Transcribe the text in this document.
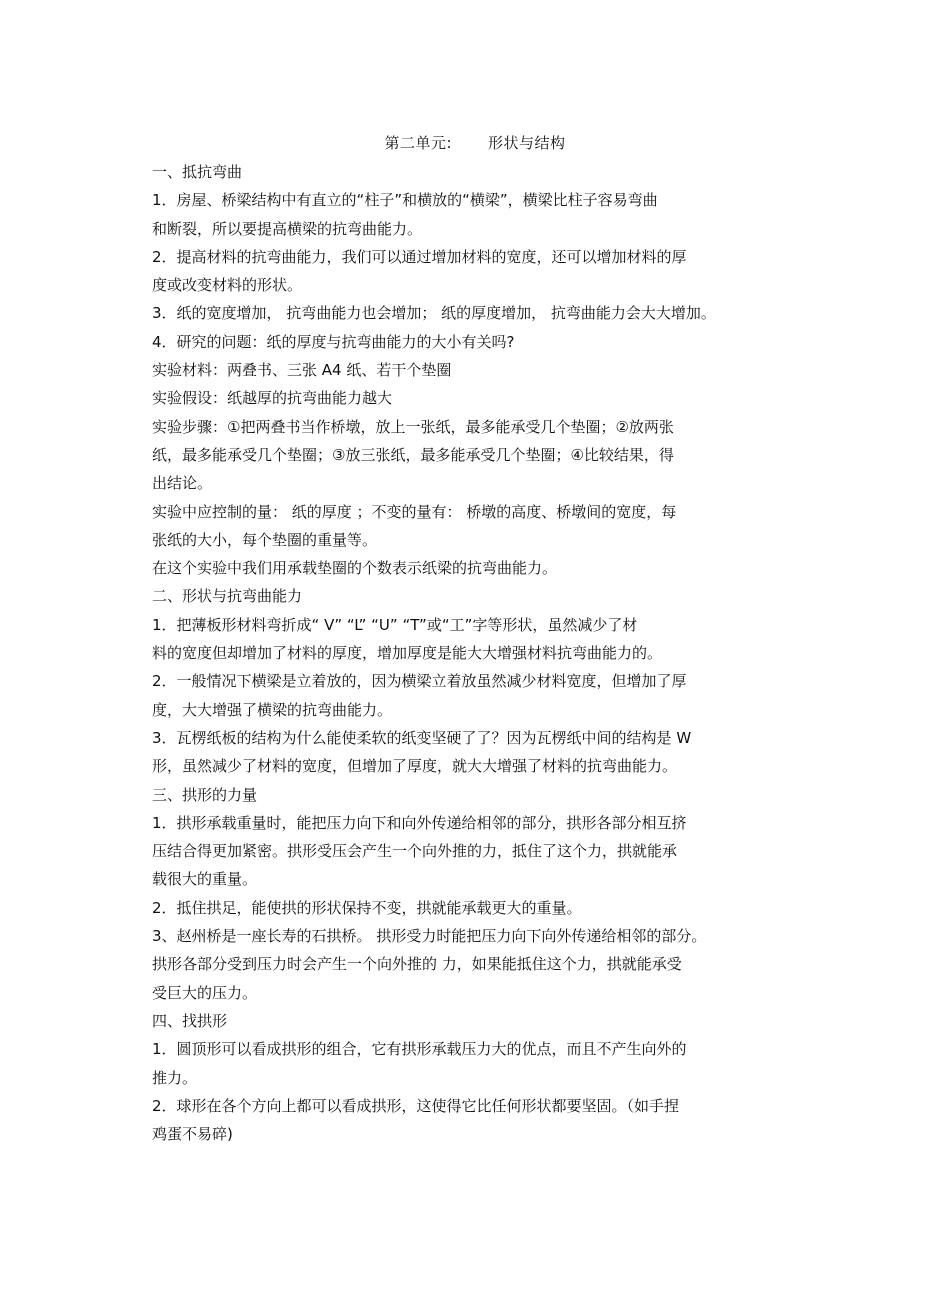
第二单元: 形状与结构
一、抵抗弯曲
1．房屋、桥梁结构中有直立的“柱子”和横放的“横梁”，横梁比柱子容易弯曲
和断裂，所以要提高横梁的抗弯曲能力。
2．提高材料的抗弯曲能力，我们可以通过增加材料的宽度，还可以增加材料的厚
度或改变材料的形状。
3．纸的宽度增加， 抗弯曲能力也会增加； 纸的厚度增加， 抗弯曲能力会大大增加。
4．研究的问题：纸的厚度与抗弯曲能力的大小有关吗?
实验材料：两叠书、三张 A4 纸、若干个垫圈
实验假设：纸越厚的抗弯曲能力越大
实验步骤：①把两叠书当作桥墩，放上一张纸，最多能承受几个垫圈；②放两张
纸，最多能承受几个垫圈；③放三张纸，最多能承受几个垫圈；④比较结果，得
出结论。
实验中应控制的量： 纸的厚度 ；不变的量有： 桥墩的高度、桥墩间的宽度，每
张纸的大小，每个垫圈的重量等。
在这个实验中我们用承载垫圈的个数表示纸梁的抗弯曲能力。
二、形状与抗弯曲能力
1．把薄板形材料弯折成“ V” “L” “U” “T”或“工”字等形状，虽然减少了材
料的宽度但却增加了材料的厚度，增加厚度是能大大增强材料抗弯曲能力的。
2．一般情况下横梁是立着放的，因为横梁立着放虽然减少材料宽度，但增加了厚
度，大大增强了横梁的抗弯曲能力。
3．瓦楞纸板的结构为什么能使柔软的纸变坚硬了了？因为瓦楞纸中间的结构是 W
形，虽然减少了材料的宽度，但增加了厚度，就大大增强了材料的抗弯曲能力。
三、拱形的力量
1．拱形承载重量时，能把压力向下和向外传递给相邻的部分，拱形各部分相互挤
压结合得更加紧密。拱形受压会产生一个向外推的力，抵住了这个力，拱就能承
载很大的重量。
2．抵住拱足，能使拱的形状保持不变，拱就能承载更大的重量。
3、赵州桥是一座长寿的石拱桥。 拱形受力时能把压力向下向外传递给相邻的部分。
拱形各部分受到压力时会产生一个向外推的 力，如果能抵住这个力，拱就能承受
受巨大的压力。
四、找拱形
1．圆顶形可以看成拱形的组合，它有拱形承载压力大的优点，而且不产生向外的
推力。
2．球形在各个方向上都可以看成拱形，这使得它比任何形状都要坚固。（如手捏
鸡蛋不易碎)
